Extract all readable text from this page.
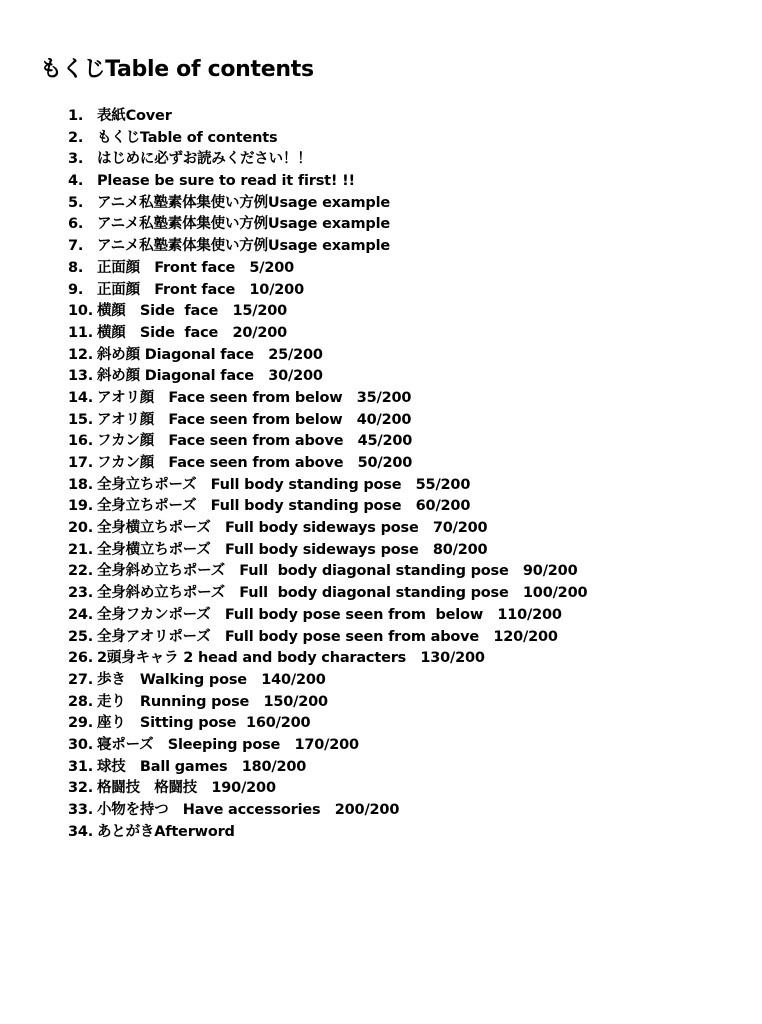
もくじTable of contents
1. 表紙Cover
2. もくじTable of contents
3. はじめに必ずお読みください！！
4. Please be sure to read it first! !!
5. アニメ私塾素体集使い方例Usage example
6. アニメ私塾素体集使い方例Usage example
7. アニメ私塾素体集使い方例Usage example
8. 正面顔　Front face　5/200
9. 正面顔　Front face　10/200
10. 横顔　Side  face　15/200
11. 横顔　Side  face　20/200
12. 斜め顔 Diagonal face　25/200
13. 斜め顔 Diagonal face　30/200
14. アオリ顔　Face seen from below　35/200
15. アオリ顔　Face seen from below　40/200
16. フカン顔　Face seen from above　45/200
17. フカン顔　Face seen from above　50/200
18. 全身立ちポーズ　Full body standing pose　55/200
19. 全身立ちポーズ　Full body standing pose　60/200
20. 全身横立ちポーズ　Full body sideways pose　70/200
21. 全身横立ちポーズ　Full body sideways pose　80/200
22. 全身斜め立ちポーズ　Full  body diagonal standing pose　90/200
23. 全身斜め立ちポーズ　Full  body diagonal standing pose　100/200
24. 全身フカンポーズ　Full body pose seen from  below　110/200
25. 全身アオリポーズ　Full body pose seen from above　120/200
26. 2頭身キャラ 2 head and body characters　130/200
27. 歩き　Walking pose　140/200
28. 走り　Running pose　150/200
29. 座り　Sitting pose  160/200
30. 寝ポーズ　Sleeping pose　170/200
31. 球技　Ball games　180/200
32. 格闘技　格闘技　190/200
33. 小物を持つ　Have accessories　200/200
34. あとがきAfterword
